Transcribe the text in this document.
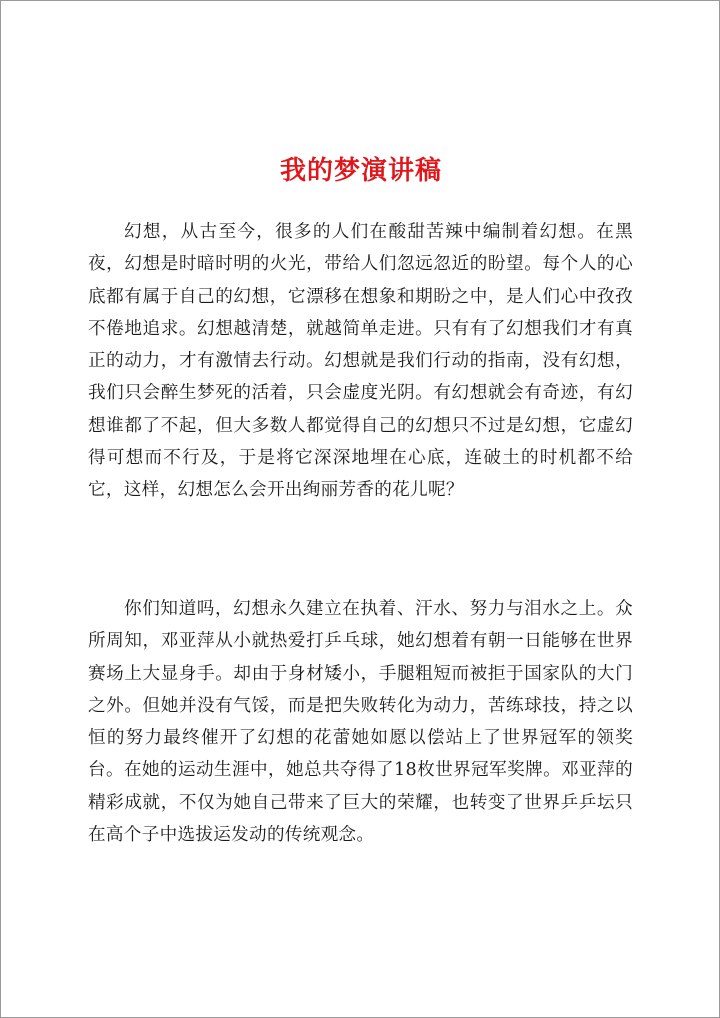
我的梦演讲稿

幻想，从古至今，很多的人们在酸甜苦辣中编制着幻想。在黑夜，幻想是时暗时明的火光，带给人们忽远忽近的盼望。每个人的心底都有属于自己的幻想，它漂移在想象和期盼之中，是人们心中孜孜不倦地追求。幻想越清楚，就越简单走进。只有有了幻想我们才有真正的动力，才有激情去行动。幻想就是我们行动的指南，没有幻想，我们只会醉生梦死的活着，只会虚度光阴。有幻想就会有奇迹，有幻想谁都了不起，但大多数人都觉得自己的幻想只不过是幻想，它虚幻得可想而不行及，于是将它深深地埋在心底，连破土的时机都不给它，这样，幻想怎么会开出绚丽芳香的花儿呢？

你们知道吗，幻想永久建立在执着、汗水、努力与泪水之上。众所周知，邓亚萍从小就热爱打乒乓球，她幻想着有朝一日能够在世界赛场上大显身手。却由于身材矮小，手腿粗短而被拒于国家队的大门之外。但她并没有气馁，而是把失败转化为动力，苦练球技，持之以恒的努力最终催开了幻想的花蕾她如愿以偿站上了世界冠军的领奖台。在她的运动生涯中，她总共夺得了18枚世界冠军奖牌。邓亚萍的精彩成就，不仅为她自己带来了巨大的荣耀，也转变了世界乒乒坛只在高个子中选拔运发动的传统观念。
